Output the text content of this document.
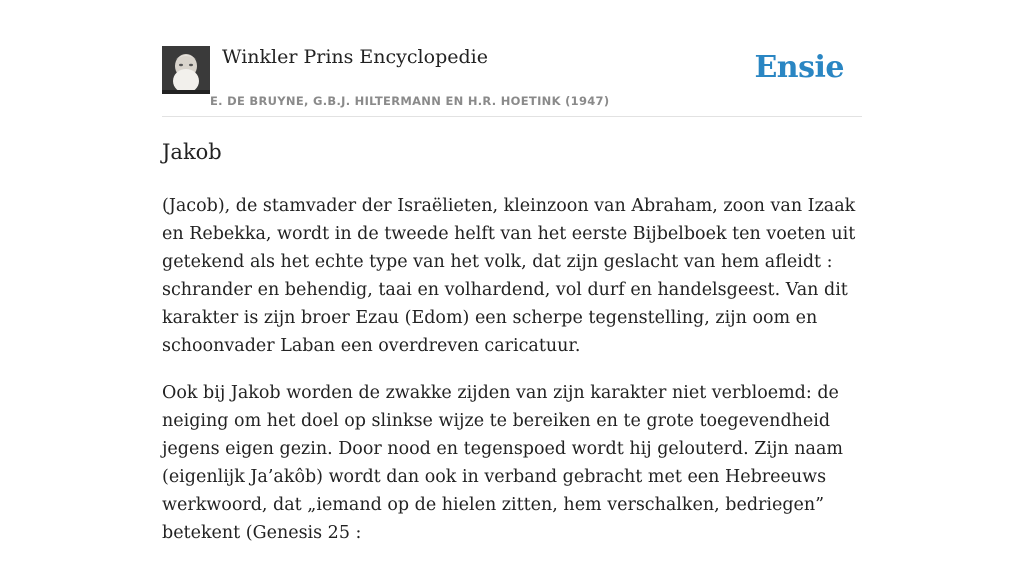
Winkler Prins Encyclopedie
E. DE BRUYNE, G.B.J. HILTERMANN EN H.R. HOETINK (1947)
Ensie
Jakob

(Jacob), de stamvader der Israëlieten, kleinzoon van Abraham, zoon van Izaak en Rebekka, wordt in de tweede helft van het eerste Bijbelboek ten voeten uit getekend als het echte type van het volk, dat zijn geslacht van hem afleidt : schrander en behendig, taai en volhardend, vol durf en handelsgeest. Van dit karakter is zijn broer Ezau (Edom) een scherpe tegenstelling, zijn oom en schoonvader Laban een overdreven caricatuur.

Ook bij Jakob worden de zwakke zijden van zijn karakter niet verbloemd: de neiging om het doel op slinkse wijze te bereiken en te grote toegevendheid jegens eigen gezin. Door nood en tegenspoed wordt hij gelouterd. Zijn naam (eigenlijk Ja’akôb) wordt dan ook in verband gebracht met een Hebreeuws werkwoord, dat „iemand op de hielen zitten, hem verschalken, bedriegen” betekent (Genesis 25 :
